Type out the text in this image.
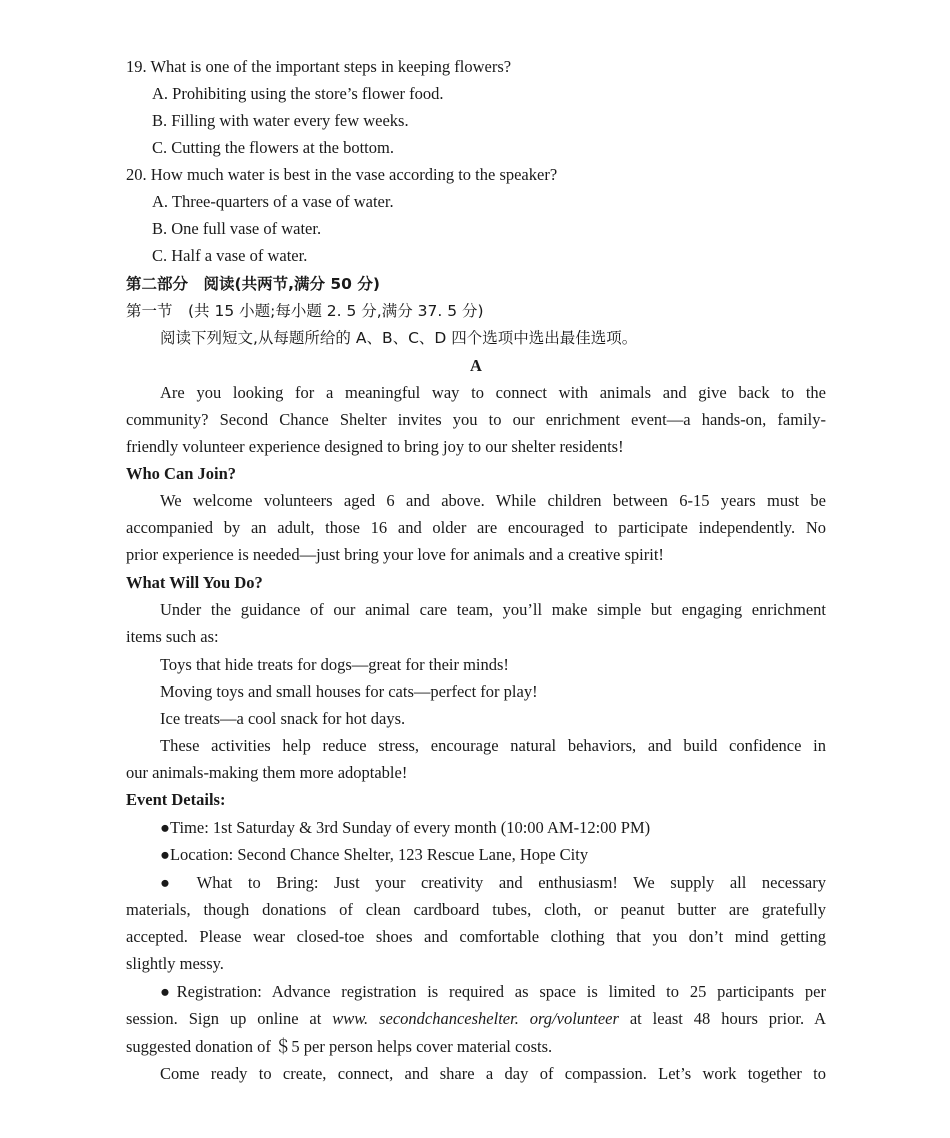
19. What is one of the important steps in keeping flowers?
A. Prohibiting using the store’s flower food.
B. Filling with water every few weeks.
C. Cutting the flowers at the bottom.
20. How much water is best in the vase according to the speaker?
A. Three-quarters of a vase of water.
B. One full vase of water.
C. Half a vase of water.
第二部分　阅读(共两节,满分 50 分)
第一节　(共 15 小题;每小题 2. 5 分,满分 37. 5 分)
阅读下列短文,从每题所给的 A、B、C、D 四个选项中选出最佳选项。
A
Are you looking for a meaningful way to connect with animals and give back to the
community? Second Chance Shelter invites you to our enrichment event—a hands-on, family-
friendly volunteer experience designed to bring joy to our shelter residents!
Who Can Join?
We welcome volunteers aged 6 and above. While children between 6-15 years must be
accompanied by an adult, those 16 and older are encouraged to participate independently. No
prior experience is needed—just bring your love for animals and a creative spirit!
What Will You Do?
Under the guidance of our animal care team, you’ll make simple but engaging enrichment
items such as:
Toys that hide treats for dogs—great for their minds!
Moving toys and small houses for cats—perfect for play!
Ice treats—a cool snack for hot days.
These activities help reduce stress, encourage natural behaviors, and build confidence in
our animals-making them more adoptable!
Event Details:
●Time: 1st Saturday & 3rd Sunday of every month (10:00 AM-12:00 PM)
●Location: Second Chance Shelter, 123 Rescue Lane, Hope City
● What to Bring: Just your creativity and enthusiasm! We supply all necessary
materials, though donations of clean cardboard tubes, cloth, or peanut butter are gratefully
accepted. Please wear closed-toe shoes and comfortable clothing that you don’t mind getting
slightly messy.
●Registration: Advance registration is required as space is limited to 25 participants per
session. Sign up online at www. secondchanceshelter. org/volunteer at least 48 hours prior. A
suggested donation of ＄5 per person helps cover material costs.
Come ready to create, connect, and share a day of compassion. Let’s work together to
